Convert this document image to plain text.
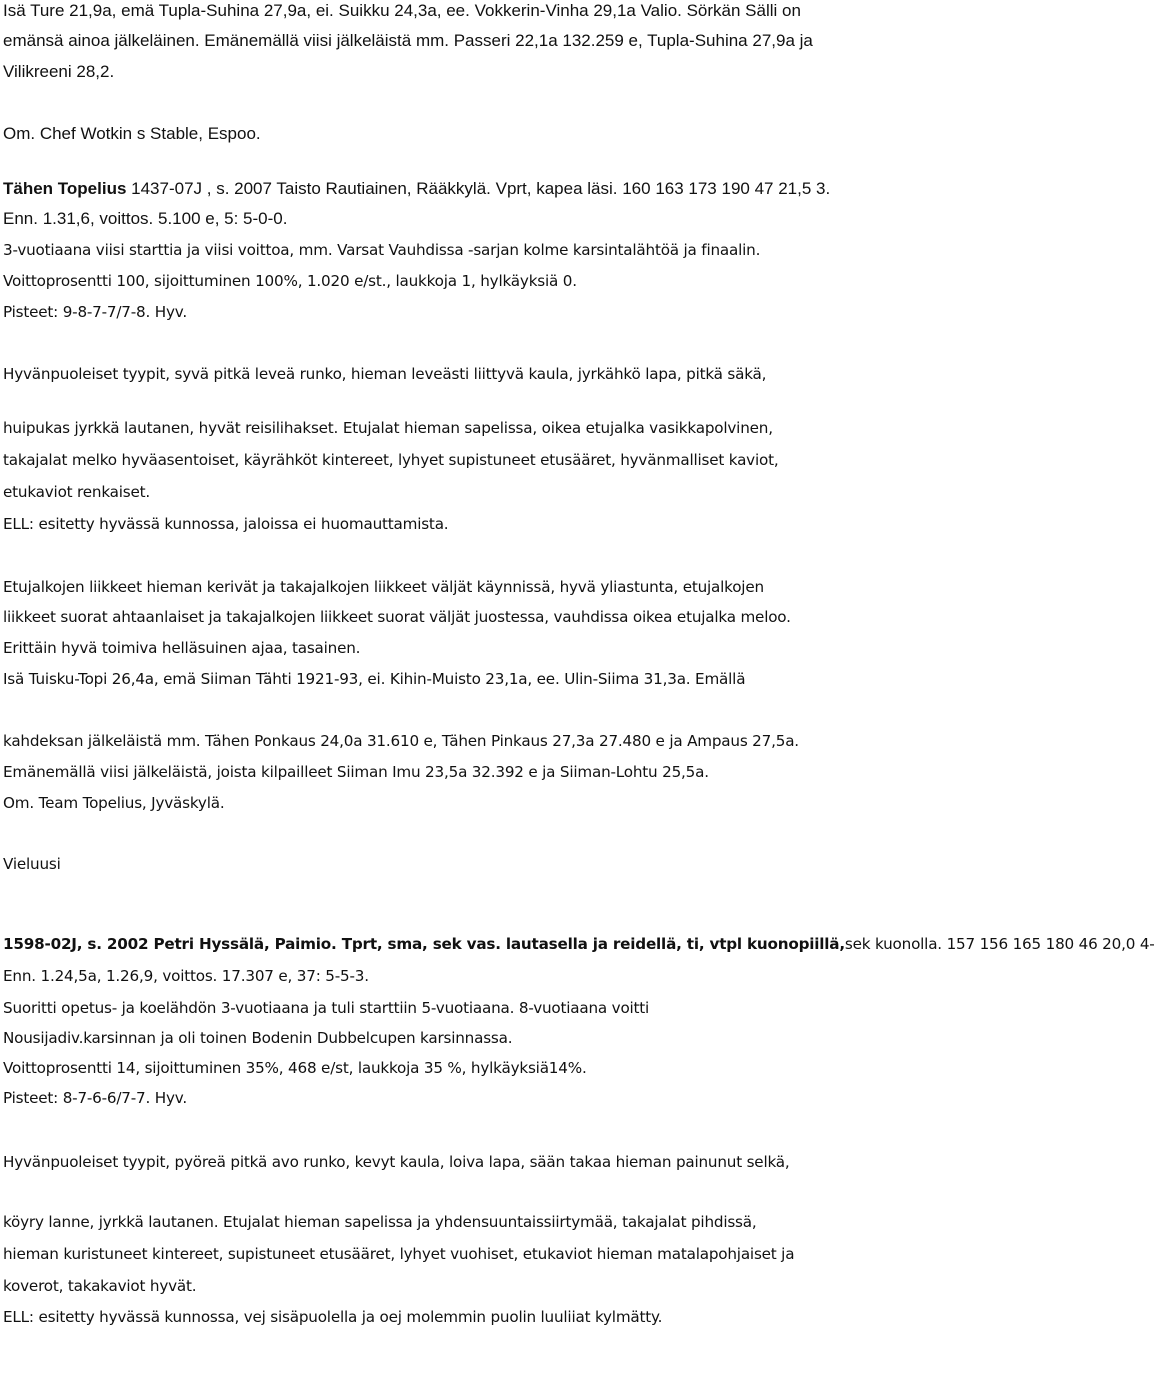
Isä Ture 21,9a, emä Tupla-Suhina 27,9a, ei. Suikku 24,3a, ee. Vokkerin-Vinha 29,1a Valio. Sörkän Sälli on
emänsä ainoa jälkeläinen. Emänemällä viisi jälkeläistä mm. Passeri 22,1a 132.259 e, Tupla-Suhina 27,9a ja
Vilikreeni 28,2.
Om. Chef Wotkin s Stable, Espoo.
Tähen Topelius 1437-07J , s. 2007 Taisto Rautiainen, Rääkkylä. Vprt, kapea läsi. 160 163 173 190 47 21,5 3.
Enn. 1.31,6, voittos. 5.100 e, 5: 5-0-0.
3-vuotiaana viisi starttia ja viisi voittoa, mm. Varsat Vauhdissa -sarjan kolme karsintalähtöä ja finaalin.
Voittoprosentti 100, sijoittuminen 100%, 1.020 e/st., laukkoja 1, hylkäyksiä 0.
Pisteet: 9-8-7-7/7-8. Hyv.
Hyvänpuoleiset tyypit, syvä pitkä leveä runko, hieman leveästi liittyvä kaula, jyrkähkö lapa, pitkä säkä,
huipukas jyrkkä lautanen, hyvät reisilihakset. Etujalat hieman sapelissa, oikea etujalka vasikkapolvinen,
takajalat melko hyväasentoiset, käyrähköt kintereet, lyhyet supistuneet etusääret, hyvänmalliset kaviot,
etukaviot renkaiset.
ELL: esitetty hyvässä kunnossa, jaloissa ei huomauttamista.
Etujalkojen liikkeet hieman kerivät ja takajalkojen liikkeet väljät käynnissä, hyvä yliastunta, etujalkojen
liikkeet suorat ahtaanlaiset ja takajalkojen liikkeet suorat väljät juostessa, vauhdissa oikea etujalka meloo.
Erittäin hyvä toimiva helläsuinen ajaa, tasainen.
Isä Tuisku-Topi 26,4a, emä Siiman Tähti 1921-93, ei. Kihin-Muisto 23,1a, ee. Ulin-Siima 31,3a. Emällä
kahdeksan jälkeläistä mm. Tähen Ponkaus 24,0a 31.610 e, Tähen Pinkaus 27,3a 27.480 e ja Ampaus 27,5a.
Emänemällä viisi jälkeläistä, joista kilpailleet Siiman Imu 23,5a 32.392 e ja Siiman-Lohtu 25,5a.
Om. Team Topelius, Jyväskylä.
Vieluusi
1598-02J, s. 2002 Petri Hyssälä, Paimio. Tprt, sma, sek vas. lautasella ja reidellä, ti, vtpl kuonopiillä,sek kuonolla. 157 156 165 180 46 20,0 4-
Enn. 1.24,5a, 1.26,9, voittos. 17.307 e, 37: 5-5-3.
Suoritti opetus- ja koelähdön 3-vuotiaana ja tuli starttiin 5-vuotiaana. 8-vuotiaana voitti
Nousijadiv.karsinnan ja oli toinen Bodenin Dubbelcupen karsinnassa.
Voittoprosentti 14, sijoittuminen 35%, 468 e/st, laukkoja 35 %, hylkäyksiä14%.
Pisteet: 8-7-6-6/7-7. Hyv.
Hyvänpuoleiset tyypit, pyöreä pitkä avo runko, kevyt kaula, loiva lapa, sään takaa hieman painunut selkä,
köyry lanne, jyrkkä lautanen. Etujalat hieman sapelissa ja yhdensuuntaissiirtymää, takajalat pihdissä,
hieman kuristuneet kintereet, supistuneet etusääret, lyhyet vuohiset, etukaviot hieman matalapohjaiset ja
koverot, takakaviot hyvät.
ELL: esitetty hyvässä kunnossa, vej sisäpuolella ja oej molemmin puolin luuliiat kylmätty.
